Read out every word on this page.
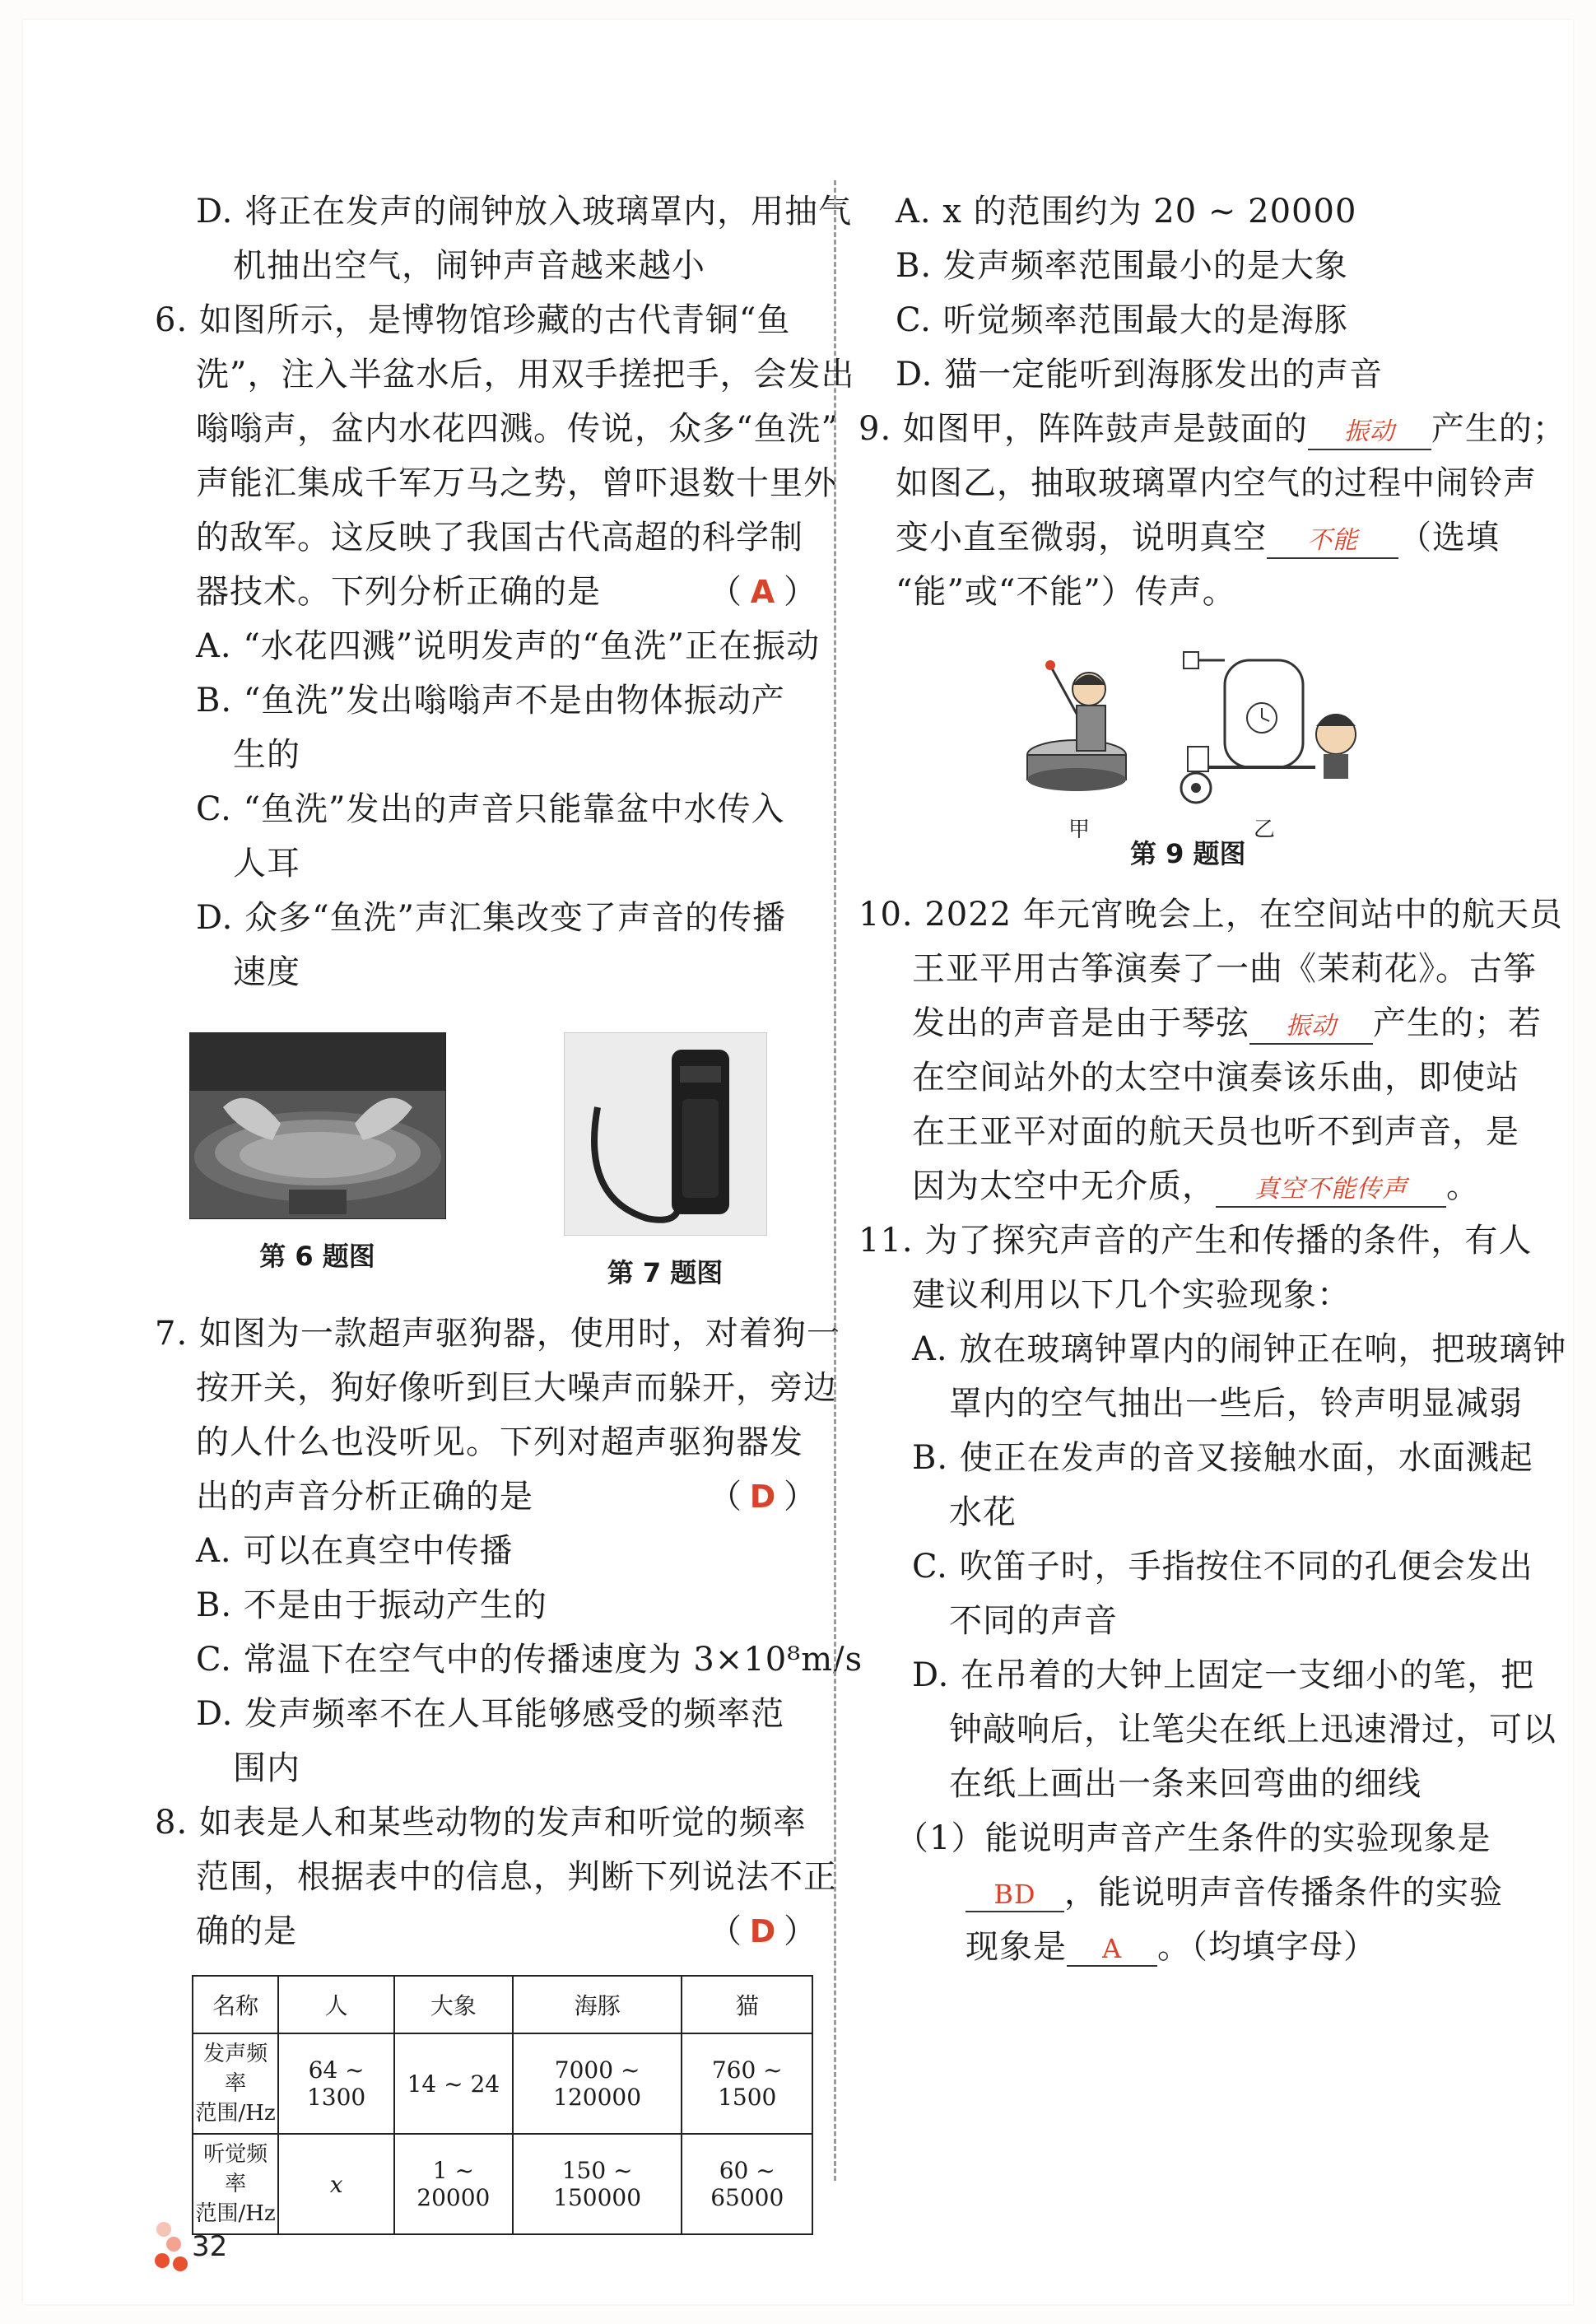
D. 将正在发声的闹钟放入玻璃罩内，用抽气
机抽出空气，闹钟声音越来越小
6. 如图所示，是博物馆珍藏的古代青铜“鱼
洗”，注入半盆水后，用双手搓把手，会发出
嗡嗡声，盆内水花四溅。传说，众多“鱼洗”
声能汇集成千军万马之势，曾吓退数十里外
的敌军。这反映了我国古代高超的科学制
器技术。下列分析正确的是	（ A ）
A. “水花四溅”说明发声的“鱼洗”正在振动
B. “鱼洗”发出嗡嗡声不是由物体振动产
生的
C. “鱼洗”发出的声音只能靠盆中水传入
人耳
D. 众多“鱼洗”声汇集改变了声音的传播
速度
第 6 题图
第 7 题图
7. 如图为一款超声驱狗器，使用时，对着狗一
按开关，狗好像听到巨大噪声而躲开，旁边
的人什么也没听见。下列对超声驱狗器发
出的声音分析正确的是	（ D ）
A. 可以在真空中传播
B. 不是由于振动产生的
C. 常温下在空气中的传播速度为 3×10⁸m/s
D. 发声频率不在人耳能够感受的频率范
围内
8. 如表是人和某些动物的发声和听觉的频率
范围，根据表中的信息，判断下列说法不正
确的是	（ D ）
名称	人	大象	海豚	猫
发声频率
范围/Hz	64 ~ 1300	14 ~ 24	7000 ~ 120000	760 ~ 1500
听觉频率
范围/Hz	x	1 ~ 20000	150 ~ 150000	60 ~ 65000
A. x 的范围约为 20 ~ 20000
B. 发声频率范围最小的是大象
C. 听觉频率范围最大的是海豚
D. 猫一定能听到海豚发出的声音
9. 如图甲，阵阵鼓声是鼓面的 振动 产生的；
如图乙，抽取玻璃罩内空气的过程中闹铃声
变小直至微弱，说明真空 不能 （选填
“能”或“不能”）传声。
甲	乙
第 9 题图
10. 2022 年元宵晚会上，在空间站中的航天员
王亚平用古筝演奏了一曲《茉莉花》。古筝
发出的声音是由于琴弦 振动 产生的；若
在空间站外的太空中演奏该乐曲，即使站
在王亚平对面的航天员也听不到声音，是
因为太空中无介质， 真空不能传声 。
11. 为了探究声音的产生和传播的条件，有人
建议利用以下几个实验现象：
A. 放在玻璃钟罩内的闹钟正在响，把玻璃钟
罩内的空气抽出一些后，铃声明显减弱
B. 使正在发声的音叉接触水面，水面溅起
水花
C. 吹笛子时，手指按住不同的孔便会发出
不同的声音
D. 在吊着的大钟上固定一支细小的笔，把
钟敲响后，让笔尖在纸上迅速滑过，可以
在纸上画出一条来回弯曲的细线
（1）能说明声音产生条件的实验现象是
BD ，能说明声音传播条件的实验
现象是 A 。（均填字母）
32
